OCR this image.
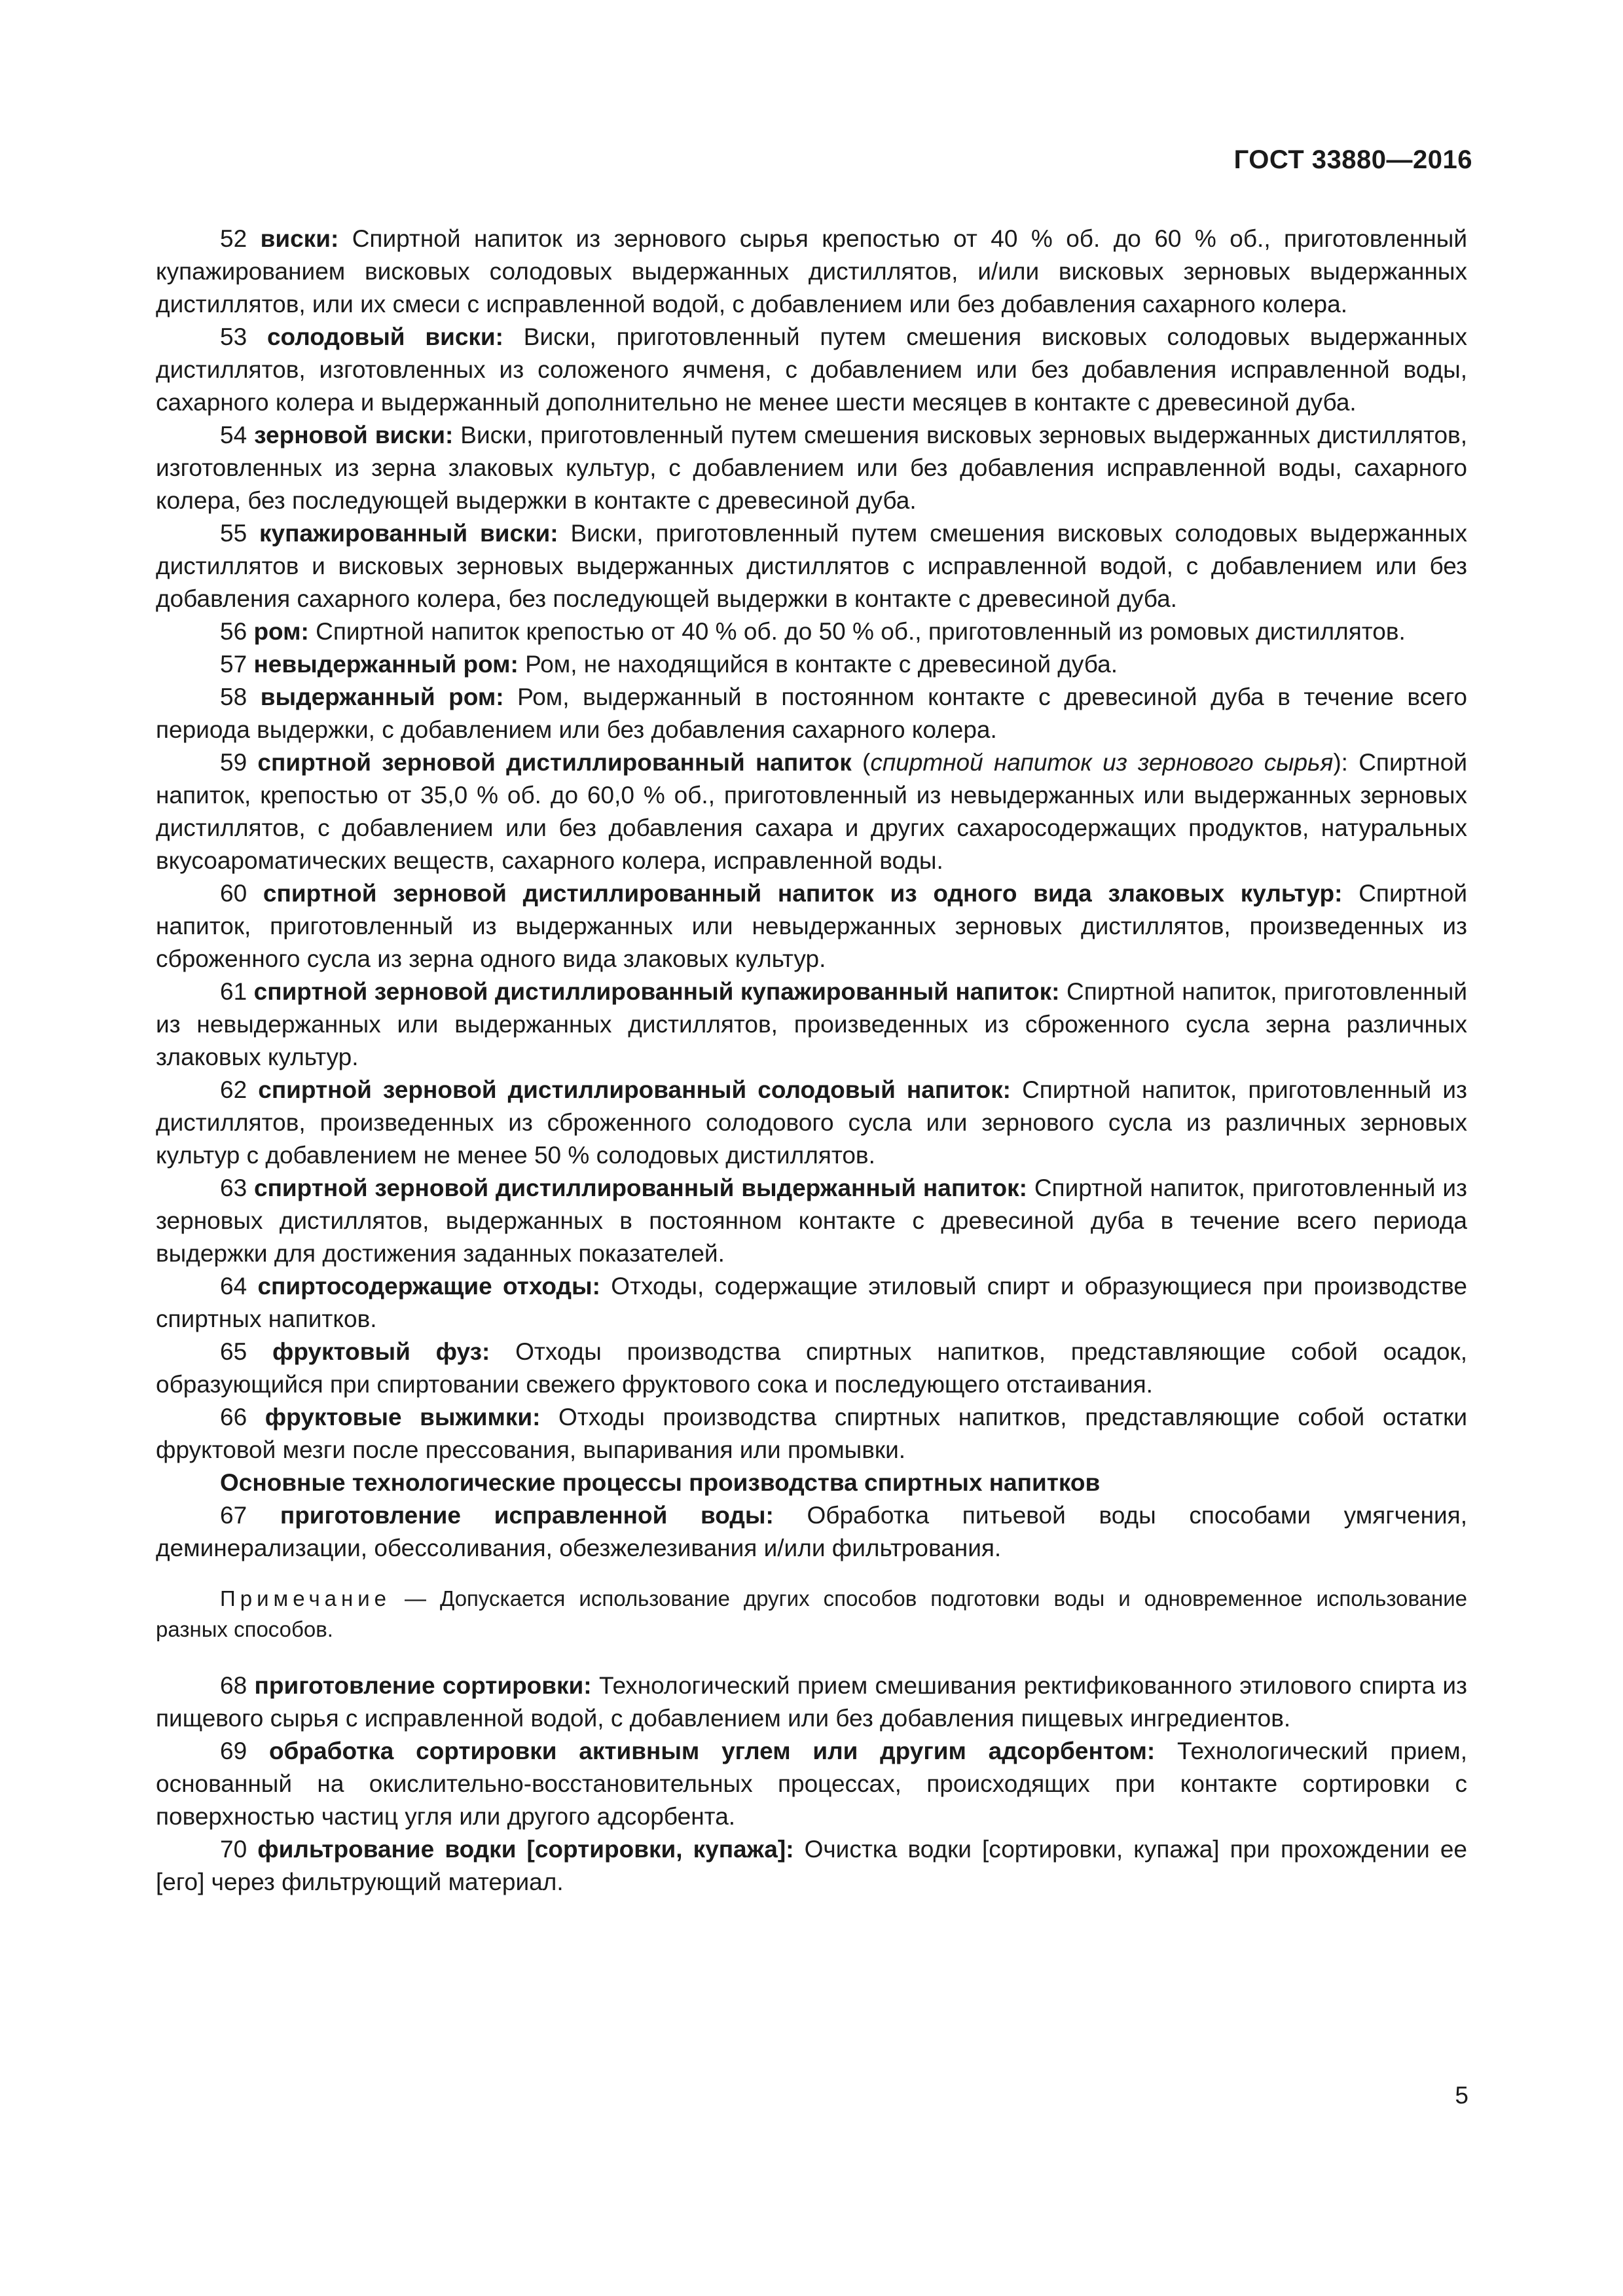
ГОСТ 33880—2016

52 виски: Спиртной напиток из зернового сырья крепостью от 40 % об. до 60 % об., приготовленный купажированием висковых солодовых выдержанных дистиллятов, и/или висковых зерновых выдержанных дистиллятов, или их смеси с исправленной водой, с добавлением или без добавления сахарного колера.

53 солодовый виски: Виски, приготовленный путем смешения висковых солодовых выдержанных дистиллятов, изготовленных из соложеного ячменя, с добавлением или без добавления исправленной воды, сахарного колера и выдержанный дополнительно не менее шести месяцев в контакте с древесиной дуба.

54 зерновой виски: Виски, приготовленный путем смешения висковых зерновых выдержанных дистиллятов, изготовленных из зерна злаковых культур, с добавлением или без добавления исправленной воды, сахарного колера, без последующей выдержки в контакте с древесиной дуба.

55 купажированный виски: Виски, приготовленный путем смешения висковых солодовых выдержанных дистиллятов и висковых зерновых выдержанных дистиллятов с исправленной водой, с добавлением или без добавления сахарного колера, без последующей выдержки в контакте с древесиной дуба.

56 ром: Спиртной напиток крепостью от 40 % об. до 50 % об., приготовленный из ромовых дистиллятов.

57 невыдержанный ром: Ром, не находящийся в контакте с древесиной дуба.

58 выдержанный ром: Ром, выдержанный в постоянном контакте с древесиной дуба в течение всего периода выдержки, с добавлением или без добавления сахарного колера.

59 спиртной зерновой дистиллированный напиток (спиртной напиток из зернового сырья): Спиртной напиток, крепостью от 35,0 % об. до 60,0 % об., приготовленный из невыдержанных или выдержанных зерновых дистиллятов, с добавлением или без добавления сахара и других сахаросодержащих продуктов, натуральных вкусоароматических веществ, сахарного колера, исправленной воды.

60 спиртной зерновой дистиллированный напиток из одного вида злаковых культур: Спиртной напиток, приготовленный из выдержанных или невыдержанных зерновых дистиллятов, произведенных из сброженного сусла из зерна одного вида злаковых культур.

61 спиртной зерновой дистиллированный купажированный напиток: Спиртной напиток, приготовленный из невыдержанных или выдержанных дистиллятов, произведенных из сброженного сусла зерна различных злаковых культур.

62 спиртной зерновой дистиллированный солодовый напиток: Спиртной напиток, приготовленный из дистиллятов, произведенных из сброженного солодового сусла или зернового сусла из различных зерновых культур с добавлением не менее 50 % солодовых дистиллятов.

63 спиртной зерновой дистиллированный выдержанный напиток: Спиртной напиток, приготовленный из зерновых дистиллятов, выдержанных в постоянном контакте с древесиной дуба в течение всего периода выдержки для достижения заданных показателей.

64 спиртосодержащие отходы: Отходы, содержащие этиловый спирт и образующиеся при производстве спиртных напитков.

65 фруктовый фуз: Отходы производства спиртных напитков, представляющие собой осадок, образующийся при спиртовании свежего фруктового сока и последующего отстаивания.

66 фруктовые выжимки: Отходы производства спиртных напитков, представляющие собой остатки фруктовой мезги после прессования, выпаривания или промывки.

Основные технологические процессы производства спиртных напитков

67 приготовление исправленной воды: Обработка питьевой воды способами умягчения, деминерализации, обессоливания, обезжелезивания и/или фильтрования.

Примечание — Допускается использование других способов подготовки воды и одновременное использование разных способов.

68 приготовление сортировки: Технологический прием смешивания ректификованного этилового спирта из пищевого сырья с исправленной водой, с добавлением или без добавления пищевых ингредиентов.

69 обработка сортировки активным углем или другим адсорбентом: Технологический прием, основанный на окислительно-восстановительных процессах, происходящих при контакте сортировки с поверхностью частиц угля или другого адсорбента.

70 фильтрование водки [сортировки, купажа]: Очистка водки [сортировки, купажа] при прохождении ее [его] через фильтрующий материал.

5
